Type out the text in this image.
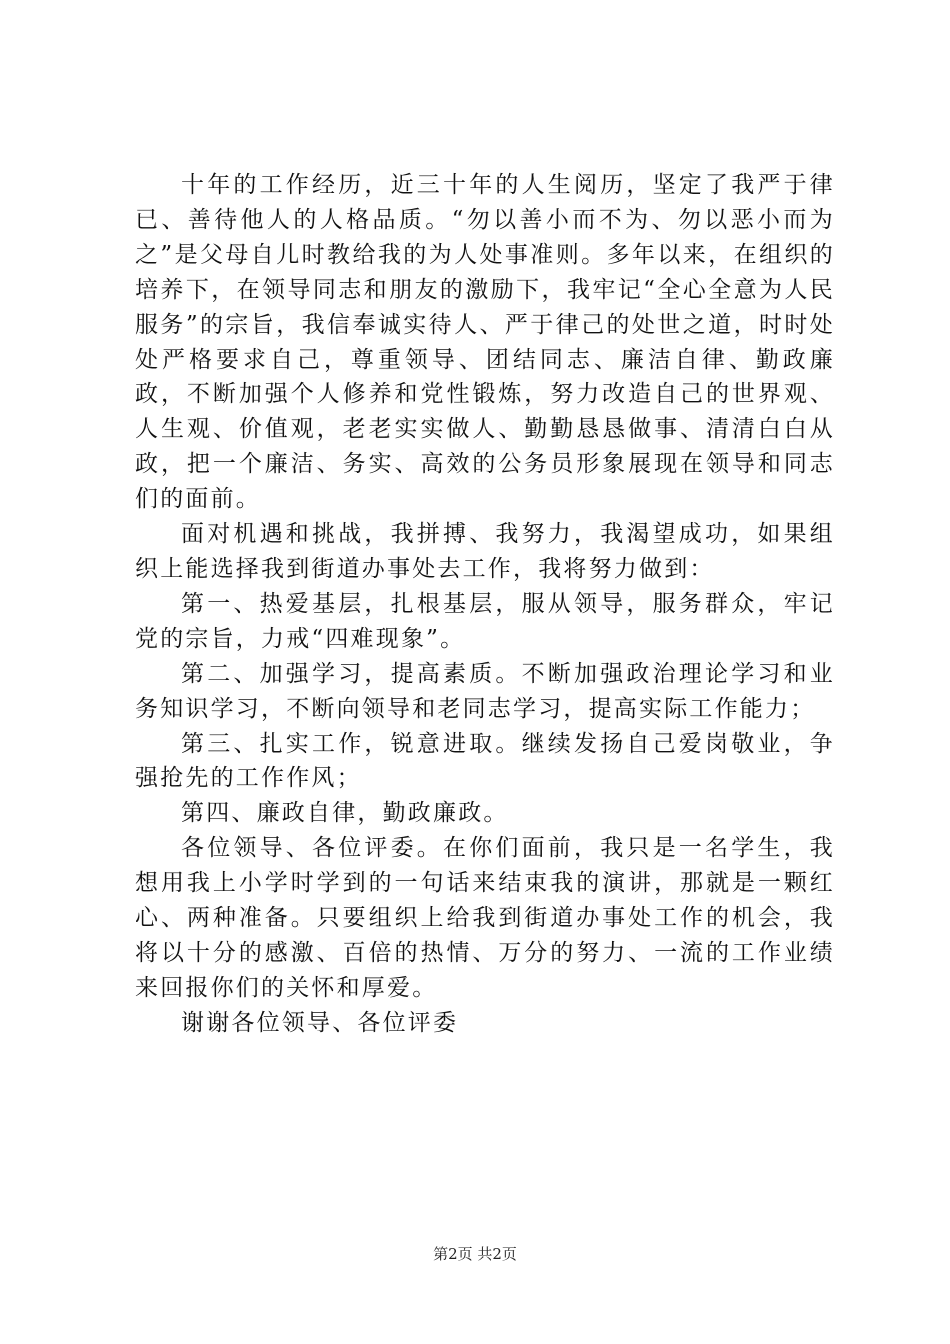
十年的工作经历，近三十年的人生阅历，坚定了我严于律已、善待他人的人格品质。“勿以善小而不为、勿以恶小而为之”是父母自儿时教给我的为人处事准则。多年以来，在组织的培养下，在领导同志和朋友的激励下，我牢记“全心全意为人民服务”的宗旨，我信奉诚实待人、严于律己的处世之道，时时处处严格要求自己，尊重领导、团结同志、廉洁自律、勤政廉政，不断加强个人修养和党性锻炼，努力改造自己的世界观、人生观、价值观，老老实实做人、勤勤恳恳做事、清清白白从政，把一个廉洁、务实、高效的公务员形象展现在领导和同志们的面前。

面对机遇和挑战，我拼搏、我努力，我渴望成功，如果组织上能选择我到街道办事处去工作，我将努力做到：

第一、热爱基层，扎根基层，服从领导，服务群众，牢记党的宗旨，力戒“四难现象”。

第二、加强学习，提高素质。不断加强政治理论学习和业务知识学习，不断向领导和老同志学习，提高实际工作能力；

第三、扎实工作，锐意进取。继续发扬自己爱岗敬业，争强抢先的工作作风；

第四、廉政自律，勤政廉政。

各位领导、各位评委。在你们面前，我只是一名学生，我想用我上小学时学到的一句话来结束我的演讲，那就是一颗红心、两种准备。只要组织上给我到街道办事处工作的机会，我将以十分的感激、百倍的热情、万分的努力、一流的工作业绩来回报你们的关怀和厚爱。

谢谢各位领导、各位评委

第2页 共2页
